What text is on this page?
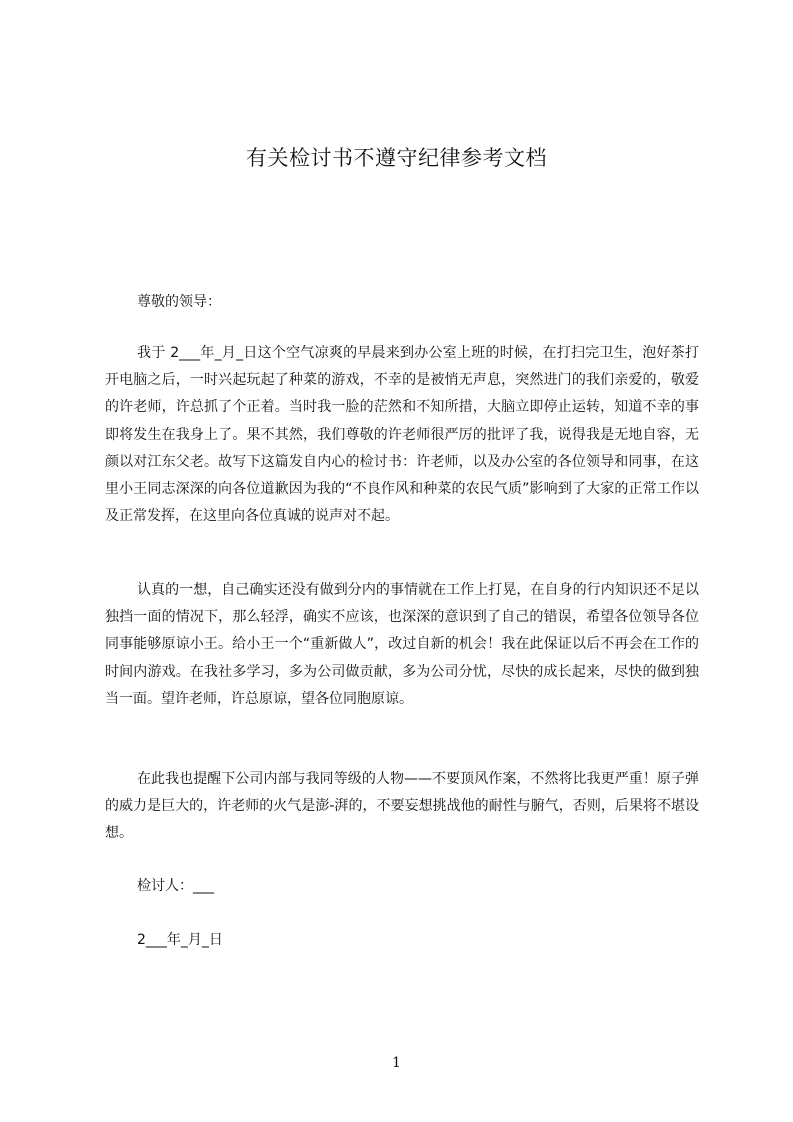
有关检讨书不遵守纪律参考文档
尊敬的领导：
我于 2___年_月_日这个空气凉爽的早晨来到办公室上班的时候，在打扫完卫生，泡好茶打开电脑之后，一时兴起玩起了种菜的游戏，不幸的是被悄无声息，突然进门的我们亲爱的，敬爱的许老师，许总抓了个正着。当时我一脸的茫然和不知所措，大脑立即停止运转，知道不幸的事即将发生在我身上了。果不其然，我们尊敬的许老师很严厉的批评了我，说得我是无地自容，无颜以对江东父老。故写下这篇发自内心的检讨书：许老师，以及办公室的各位领导和同事，在这里小王同志深深的向各位道歉因为我的“不良作风和种菜的农民气质”影响到了大家的正常工作以及正常发挥，在这里向各位真诚的说声对不起。
认真的一想，自己确实还没有做到分内的事情就在工作上打晃，在自身的行内知识还不足以独挡一面的情况下，那么轻浮，确实不应该，也深深的意识到了自己的错误，希望各位领导各位同事能够原谅小王。给小王一个“重新做人”，改过自新的机会！我在此保证以后不再会在工作的时间内游戏。在我社多学习，多为公司做贡献，多为公司分忧，尽快的成长起来，尽快的做到独当一面。望许老师，许总原谅，望各位同胞原谅。
在此我也提醒下公司内部与我同等级的人物——不要顶风作案，不然将比我更严重！原子弹的威力是巨大的，许老师的火气是澎-湃的，不要妄想挑战他的耐性与腑气，否则，后果将不堪设想。
检讨人：___
2___年_月_日
1
